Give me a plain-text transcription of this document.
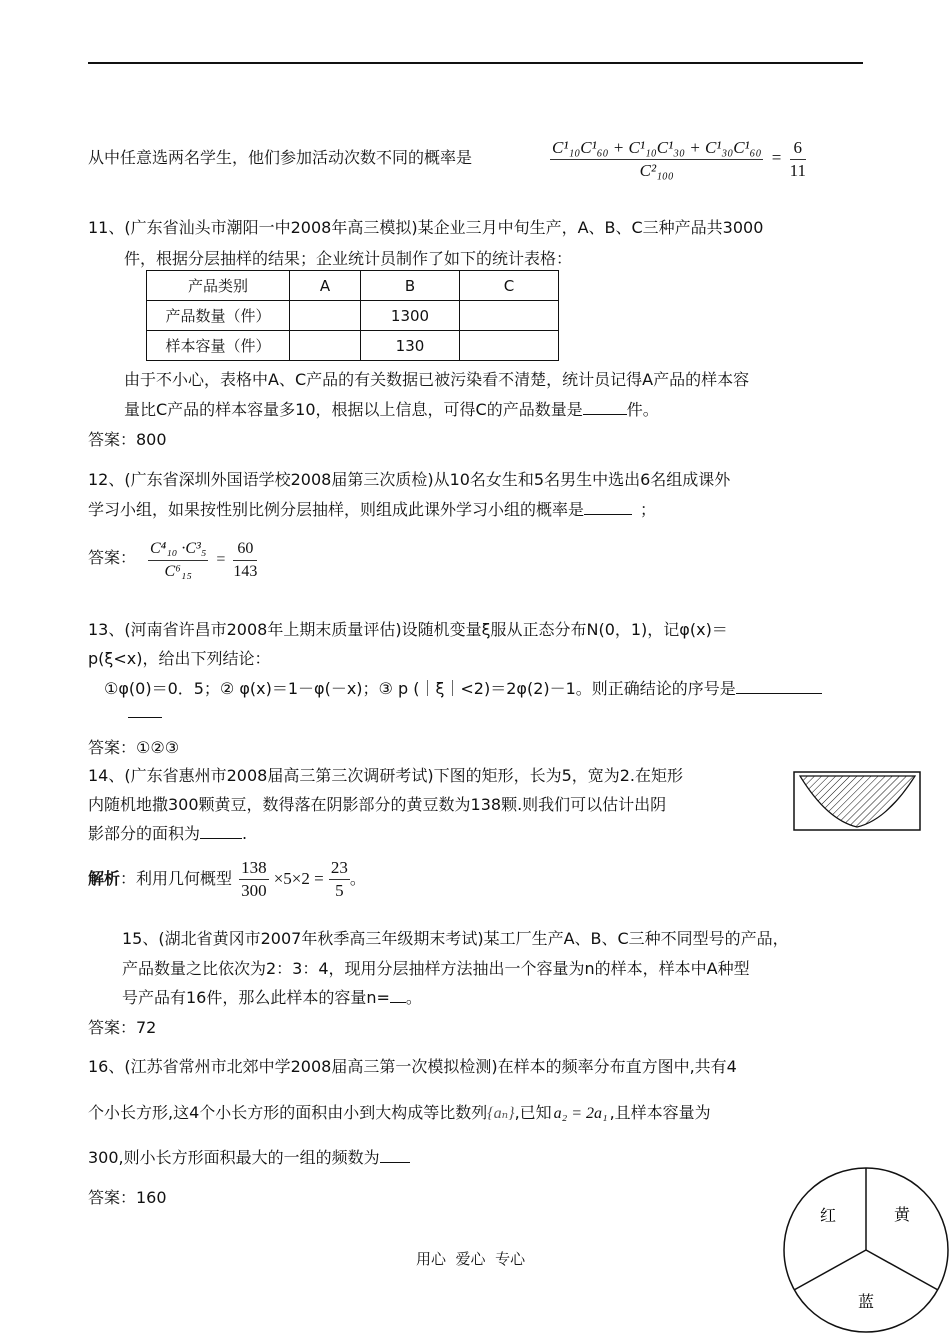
从中任意选两名学生，他们参加活动次数不同的概率是	$\frac{\text{C¹₁₀C¹₆₀ + C¹₁₀C¹₃₀ + C¹₃₀C¹₆₀}}{\text{C²₁₀₀}} = \frac{6}{11}$
11、(广东省汕头市潮阳一中2008年高三模拟)某企业三月中旬生产，A、B、C三种产品共3000
件，根据分层抽样的结果；企业统计员制作了如下的统计表格：
产品类别	A	B	C
产品数量（件）		1300	
样本容量（件）		130	
由于不小心，表格中A、C产品的有关数据已被污染看不清楚，统计员记得A产品的样本容
量比C产品的样本容量多10，根据以上信息，可得C的产品数量是	件。
答案：800
12、(广东省深圳外国语学校2008届第三次质检)从10名女生和5名男生中选出6名组成课外
学习小组，如果按性别比例分层抽样，则组成此课外学习小组的概率是	；
答案： $\frac{\text{C⁴₁₀ ·C³₅}}{\text{C⁶₁₅}} = \frac{60}{143}$
13、(河南省许昌市2008年上期末质量评估)设随机变量ξ服从正态分布N(0，1)，记φ(x)＝
p(ξ<x)，给出下列结论：
①φ(0)＝0．5；② φ(x)＝1－φ(－x)；③ p (｜ξ｜<2)＝2φ(2)－1。则正确结论的序号是
答案：①②③
14、(广东省惠州市2008届高三第三次调研考试)下图的矩形，长为5，宽为2.在矩形
内随机地撒300颗黄豆，数得落在阴影部分的黄豆数为138颗.则我们可以估计出阴
影部分的面积为	.
解析：利用几何概型 $\frac{138}{300} \times 5\times 2 = \frac{23}{5}$ 。
15、(湖北省黄冈市2007年秋季高三年级期末考试)某工厂生产A、B、C三种不同型号的产品，
产品数量之比依次为2：3：4，现用分层抽样方法抽出一个容量为n的样本，样本中A种型
号产品有16件，那么此样本的容量n= 。
答案：72
16、(江苏省常州市北郊中学2008届高三第一次模拟检测)在样本的频率分布直方图中,共有4
个小长方形,这4个小长方形的面积由小到大构成等比数列{aₙ},已知 a₂ = 2a₁ ,且样本容量为
300,则小长方形面积最大的一组的频数为
答案：160
红	黄
蓝
用心  爱心  专心
